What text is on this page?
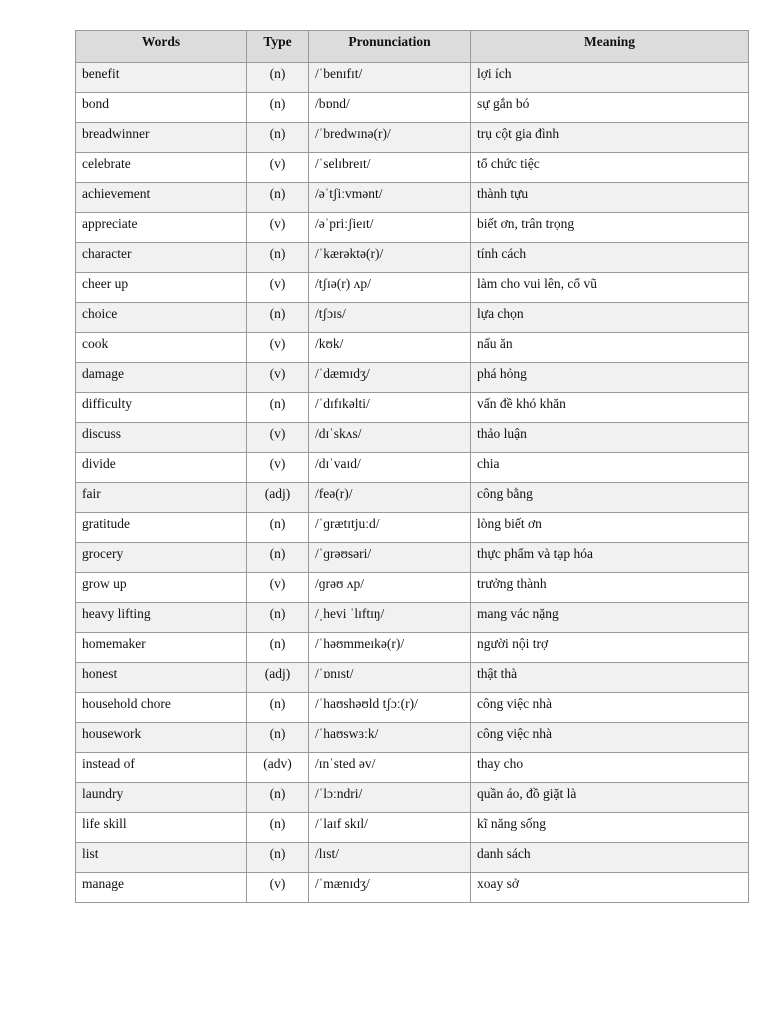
Words	Type	Pronunciation	Meaning
benefit	(n)	/ˈbenɪfɪt/	lợi ích
bond	(n)	/bɒnd/	sự gắn bó
breadwinner	(n)	/ˈbredwɪnə(r)/	trụ cột gia đình
celebrate	(v)	/ˈselɪbreɪt/	tổ chức tiệc
achievement	(n)	/əˈtʃiːvmənt/	thành tựu
appreciate	(v)	/əˈpriːʃieɪt/	biết ơn, trân trọng
character	(n)	/ˈkærəktə(r)/	tính cách
cheer up	(v)	/tʃɪə(r) ʌp/	làm cho vui lên, cổ vũ
choice	(n)	/tʃɔɪs/	lựa chọn
cook	(v)	/kʊk/	nấu ăn
damage	(v)	/ˈdæmɪdʒ/	phá hỏng
difficulty	(n)	/ˈdɪfɪkəlti/	vấn đề khó khăn
discuss	(v)	/dɪˈskʌs/	thảo luận
divide	(v)	/dɪˈvaɪd/	chia
fair	(adj)	/feə(r)/	công bằng
gratitude	(n)	/ˈɡrætɪtjuːd/	lòng biết ơn
grocery	(n)	/ˈɡrəʊsəri/	thực phẩm và tạp hóa
grow up	(v)	/ɡrəʊ ʌp/	trưởng thành
heavy lifting	(n)	/ˌhevi ˈlɪftɪŋ/	mang vác nặng
homemaker	(n)	/ˈhəʊmmeɪkə(r)/	người nội trợ
honest	(adj)	/ˈɒnɪst/	thật thà
household chore	(n)	/ˈhaʊshəʊld tʃɔː(r)/	công việc nhà
housework	(n)	/ˈhaʊswɜːk/	công việc nhà
instead of	(adv)	/ɪnˈsted əv/	thay cho
laundry	(n)	/ˈlɔːndri/	quần áo, đồ giặt là
life skill	(n)	/ˈlaɪf skɪl/	kĩ năng sống
list	(n)	/lɪst/	danh sách
manage	(v)	/ˈmænɪdʒ/	xoay sở
